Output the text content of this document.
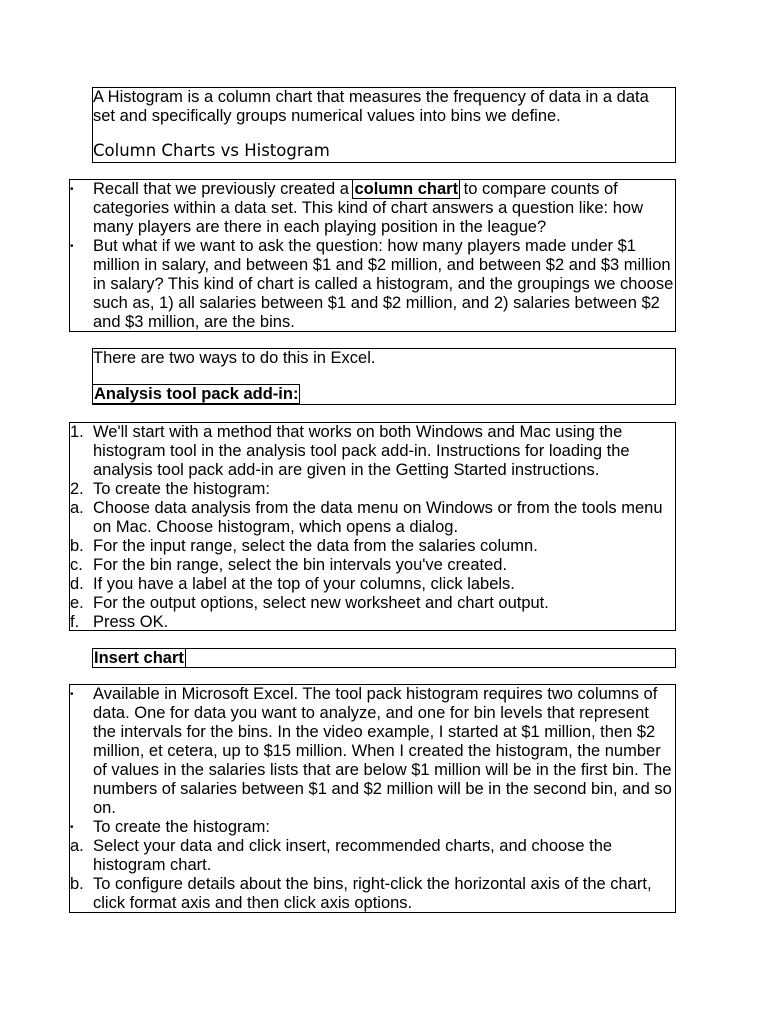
A Histogram is a column chart that measures the frequency of data in a data set and specifically groups numerical values into bins we define.

Column Charts vs Histogram

•	Recall that we previously created a column chart to compare counts of categories within a data set. This kind of chart answers a question like: how many players are there in each playing position in the league?
•	But what if we want to ask the question: how many players made under $1 million in salary, and between $1 and $2 million, and between $2 and $3 million in salary? This kind of chart is called a histogram, and the groupings we choose such as, 1) all salaries between $1 and $2 million, and 2) salaries between $2 and $3 million, are the bins.

There are two ways to do this in Excel.

Analysis tool pack add-in:

1. We'll start with a method that works on both Windows and Mac using the histogram tool in the analysis tool pack add-in. Instructions for loading the analysis tool pack add-in are given in the Getting Started instructions.
2. To create the histogram:
a. Choose data analysis from the data menu on Windows or from the tools menu on Mac. Choose histogram, which opens a dialog.
b. For the input range, select the data from the salaries column.
c. For the bin range, select the bin intervals you've created.
d. If you have a label at the top of your columns, click labels.
e. For the output options, select new worksheet and chart output.
f. Press OK.
Insert chart
•	Available in Microsoft Excel. The tool pack histogram requires two columns of data. One for data you want to analyze, and one for bin levels that represent the intervals for the bins. In the video example, I started at $1 million, then $2 million, et cetera, up to $15 million. When I created the histogram, the number of values in the salaries lists that are below $1 million will be in the first bin. The numbers of salaries between $1 and $2 million will be in the second bin, and so on.
•	To create the histogram:
a. Select your data and click insert, recommended charts, and choose the histogram chart.
b. To configure details about the bins, right-click the horizontal axis of the chart, click format axis and then click axis options.
